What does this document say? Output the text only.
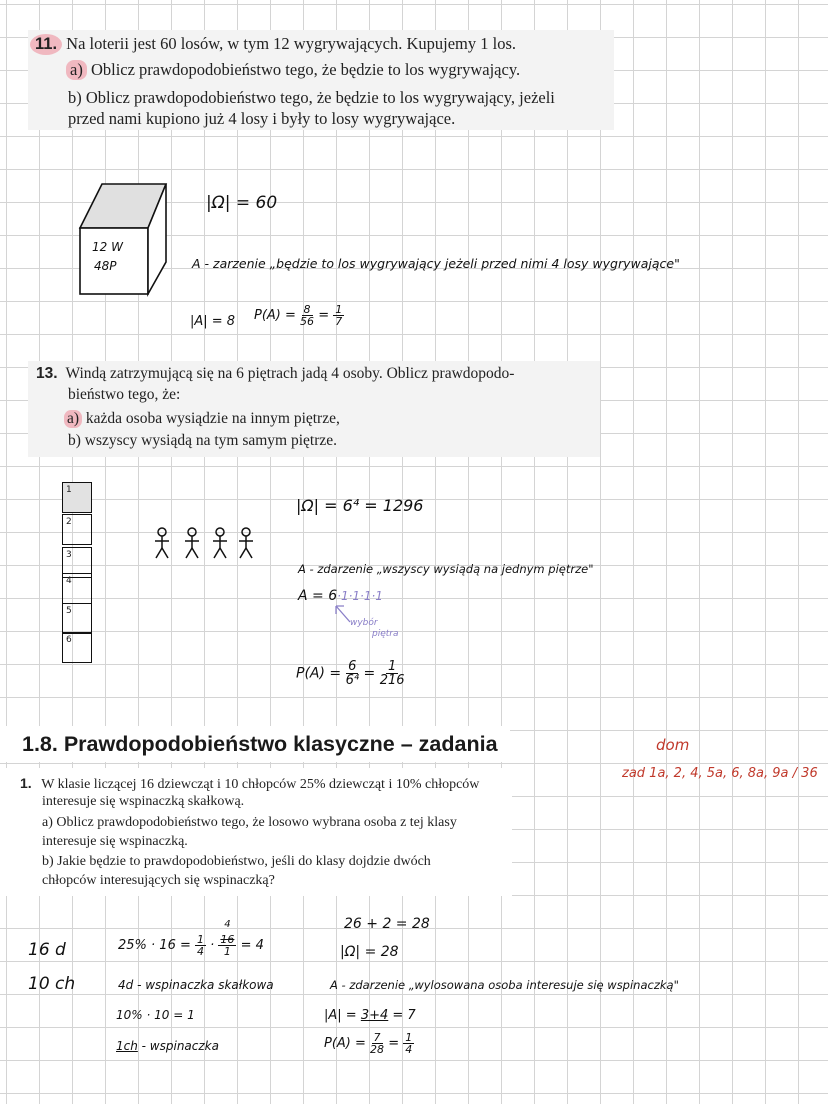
11. Na loterii jest 60 losów, w tym 12 wygrywających. Kupujemy 1 los.
a) Oblicz prawdopodobieństwo tego, że będzie to los wygrywający.
b) Oblicz prawdopodobieństwo tego, że będzie to los wygrywający, jeżeli
przed nami kupiono już 4 losy i były to losy wygrywające.
12 W
48P
|Ω| = 60
A - zarzenie „będzie to los wygrywający jeżeli przed nimi 4 losy wygrywające"
|A| = 8 $P(A) = \frac{8}{56} = \frac{1}{7}$
13. Windą zatrzymującą się na 6 piętrach jadą 4 osoby. Oblicz prawdopodo-
bieństwo tego, że:
a) każda osoba wysiądzie na innym piętrze,
b) wszyscy wysiądą na tym samym piętrze.
1
2
3
4
5
6
|Ω| = 6⁴ = 1296
A - zdarzenie „wszyscy wysiądą na jednym piętrze"
A = 6·1·1·1·1
wybór
piętra
$P(A) = \frac{6}{\text{6⁴}} = \frac{1}{216}$
1.8. Prawdopodobieństwo klasyczne – zadania	dom
zad 1a, 2, 4, 5a, 6, 8a, 9a / 36
1. W klasie liczącej 16 dziewcząt i 10 chłopców 25% dziewcząt i 10% chłopców
interesuje się wspinaczką skałkową.
a) Oblicz prawdopodobieństwo tego, że losowo wybrana osoba z tej klasy
interesuje się wspinaczką.
b) Jakie będzie to prawdopodobieństwo, jeśli do klasy dojdzie dwóch
chłopców interesujących się wspinaczką?
16 d
10 ch
$25\% \cdot 16 = \frac{1}{4}$ ·
4
16
1 = 4
4d - wspinaczka skałkowa
10% · 10 = 1
1ch - wspinaczka
26 + 2 = 28
|Ω| = 28
A - zdarzenie „wylosowana osoba interesuje się wspinaczką"
|A| = 3+4 = 7
$P(A) = \frac{7}{28} = \frac{1}{4}$
